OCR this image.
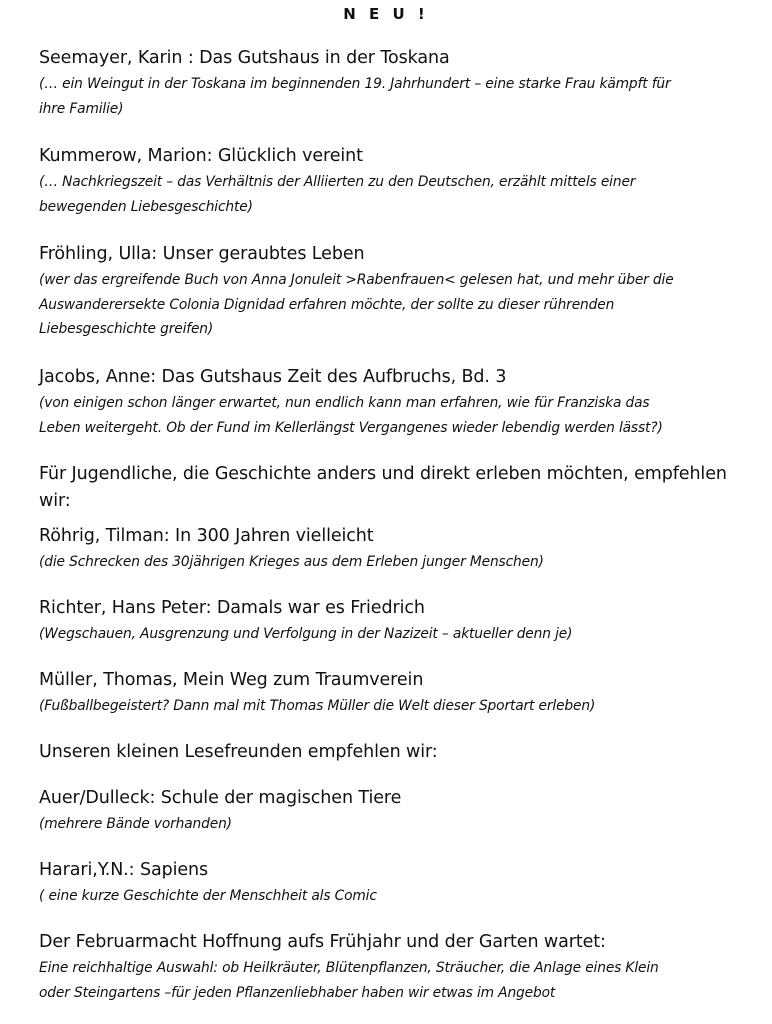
N E U !
Seemayer, Karin : Das Gutshaus in der Toskana
(… ein Weingut in der Toskana im beginnenden 19. Jahrhundert – eine starke Frau kämpft für
ihre Familie)
Kummerow, Marion: Glücklich vereint
(… Nachkriegszeit – das Verhältnis der Alliierten zu den Deutschen, erzählt mittels einer
bewegenden Liebesgeschichte)
Fröhling, Ulla: Unser geraubtes Leben
(wer das ergreifende Buch von Anna Jonuleit >Rabenfrauen< gelesen hat, und mehr über die
Auswanderersekte Colonia Dignidad erfahren möchte, der sollte zu dieser rührenden
Liebesgeschichte greifen)
Jacobs, Anne: Das Gutshaus Zeit des Aufbruchs, Bd. 3
(von einigen schon länger erwartet, nun endlich kann man erfahren, wie für Franziska das
Leben weitergeht. Ob der Fund im Kellerlängst Vergangenes wieder lebendig werden lässt?)
Für Jugendliche, die Geschichte anders und direkt erleben möchten, empfehlen wir:
Röhrig, Tilman: In 300 Jahren vielleicht
(die Schrecken des 30jährigen Krieges aus dem Erleben junger Menschen)
Richter, Hans Peter: Damals war es Friedrich
(Wegschauen, Ausgrenzung und Verfolgung in der Nazizeit – aktueller denn je)
Müller, Thomas, Mein Weg zum Traumverein
(Fußballbegeistert? Dann mal mit Thomas Müller die Welt dieser Sportart erleben)
Unseren kleinen Lesefreunden empfehlen wir:
Auer/Dulleck: Schule der magischen Tiere
(mehrere Bände vorhanden)
Harari,Y.N.: Sapiens
( eine kurze Geschichte der Menschheit als Comic
Der Februarmacht Hoffnung aufs Frühjahr und der Garten wartet:
Eine reichhaltige Auswahl: ob Heilkräuter, Blütenpflanzen, Sträucher, die Anlage eines Klein
oder Steingartens –für jeden Pflanzenliebhaber haben wir etwas im Angebot
